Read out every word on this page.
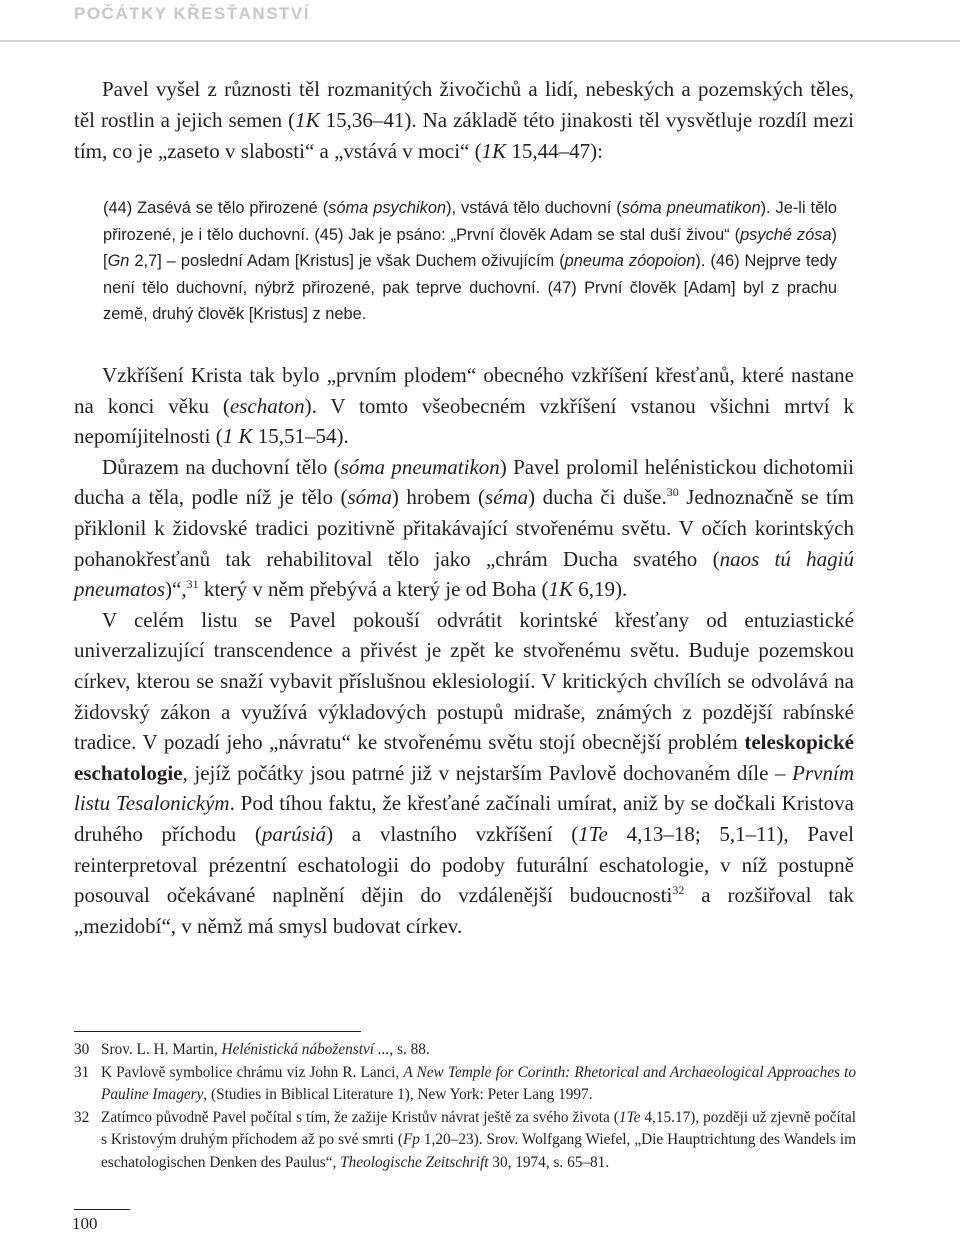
POČÁTKY KŘESŤANSTVÍ

Pavel vyšel z různosti těl rozmanitých živočichů a lidí, nebeských a pozemských těles, těl rostlin a jejich semen (1K 15,36‒41). Na základě této jinakosti těl vysvětluje rozdíl mezi tím, co je „zaseto v slabosti“ a „vstává v moci“ (1K 15,44‒47):

(44) Zasévá se tělo přirozené (sóma psychikon), vstává tělo duchovní (sóma pneumatikon). Je-li tělo přirozené, je i tělo duchovní. (45) Jak je psáno: „První člověk Adam se stal duší živou“ (psyché zósa) [Gn 2,7] ‒ poslední Adam [Kristus] je však Duchem oživujícím (pneuma zóopoion). (46) Nejprve tedy není tělo duchovní, nýbrž přirozené, pak teprve duchovní. (47) První člověk [Adam] byl z prachu země, druhý člověk [Kristus] z nebe.

Vzkříšení Krista tak bylo „prvním plodem“ obecného vzkříšení křesťanů, které nastane na konci věku (eschaton). V tomto všeobecném vzkříšení vstanou všichni mrtví k nepomíjitelnosti (1 K 15,51‒54).

Důrazem na duchovní tělo (sóma pneumatikon) Pavel prolomil helénistickou dichotomii ducha a těla, podle níž je tělo (sóma) hrobem (séma) ducha či duše.$^{30}$ Jednoznačně se tím přiklonil k židovské tradici pozitivně přitakávající stvořenému světu. V očích korintských pohanokřesťanů tak rehabilitoval tělo jako „chrám Ducha svatého (naos tú hagiú pneumatos)“,$^{31}$ který v něm přebývá a který je od Boha (1K 6,19).

V celém listu se Pavel pokouší odvrátit korintské křesťany od entuziastické univerzalizující transcendence a přivést je zpět ke stvořenému světu. Buduje pozemskou církev, kterou se snaží vybavit příslušnou eklesiologií. V kritických chvílích se odvolává na židovský zákon a využívá výkladových postupů midraše, známých z pozdější rabínské tradice. V pozadí jeho „návratu“ ke stvořenému světu stojí obecnější problém teleskopické eschatologie, jejíž počátky jsou patrné již v nejstarším Pavlově dochovaném díle ‒ Prvním listu Tesalonickým. Pod tíhou faktu, že křesťané začínali umírat, aniž by se dočkali Kristova druhého příchodu (parúsiá) a vlastního vzkříšení (1Te 4,13‒18; 5,1‒11), Pavel reinterpretoval prézentní eschatologii do podoby futurální eschatologie, v níž postupně posouval očekávané naplnění dějin do vzdálenější budoucnosti$^{32}$ a rozšiřoval tak „mezidobí“, v němž má smysl budovat církev.

30 Srov. L. H. Martin, Helénistická náboženství ..., s. 88.
31 K Pavlově symbolice chrámu viz John R. Lanci, A New Temple for Corinth: Rhetorical and Archaeological Approaches to Pauline Imagery, (Studies in Biblical Literature 1), New York: Peter Lang 1997.
32 Zatímco původně Pavel počítal s tím, že zažije Kristův návrat ještě za svého života (1Te 4,15.17), později už zjevně počítal s Kristovým druhým příchodem až po své smrti (Fp 1,20‒23). Srov. Wolfgang Wiefel, „Die Hauptrichtung des Wandels im eschatologischen Denken des Paulus“, Theologische Zeitschrift 30, 1974, s. 65‒81.
100
